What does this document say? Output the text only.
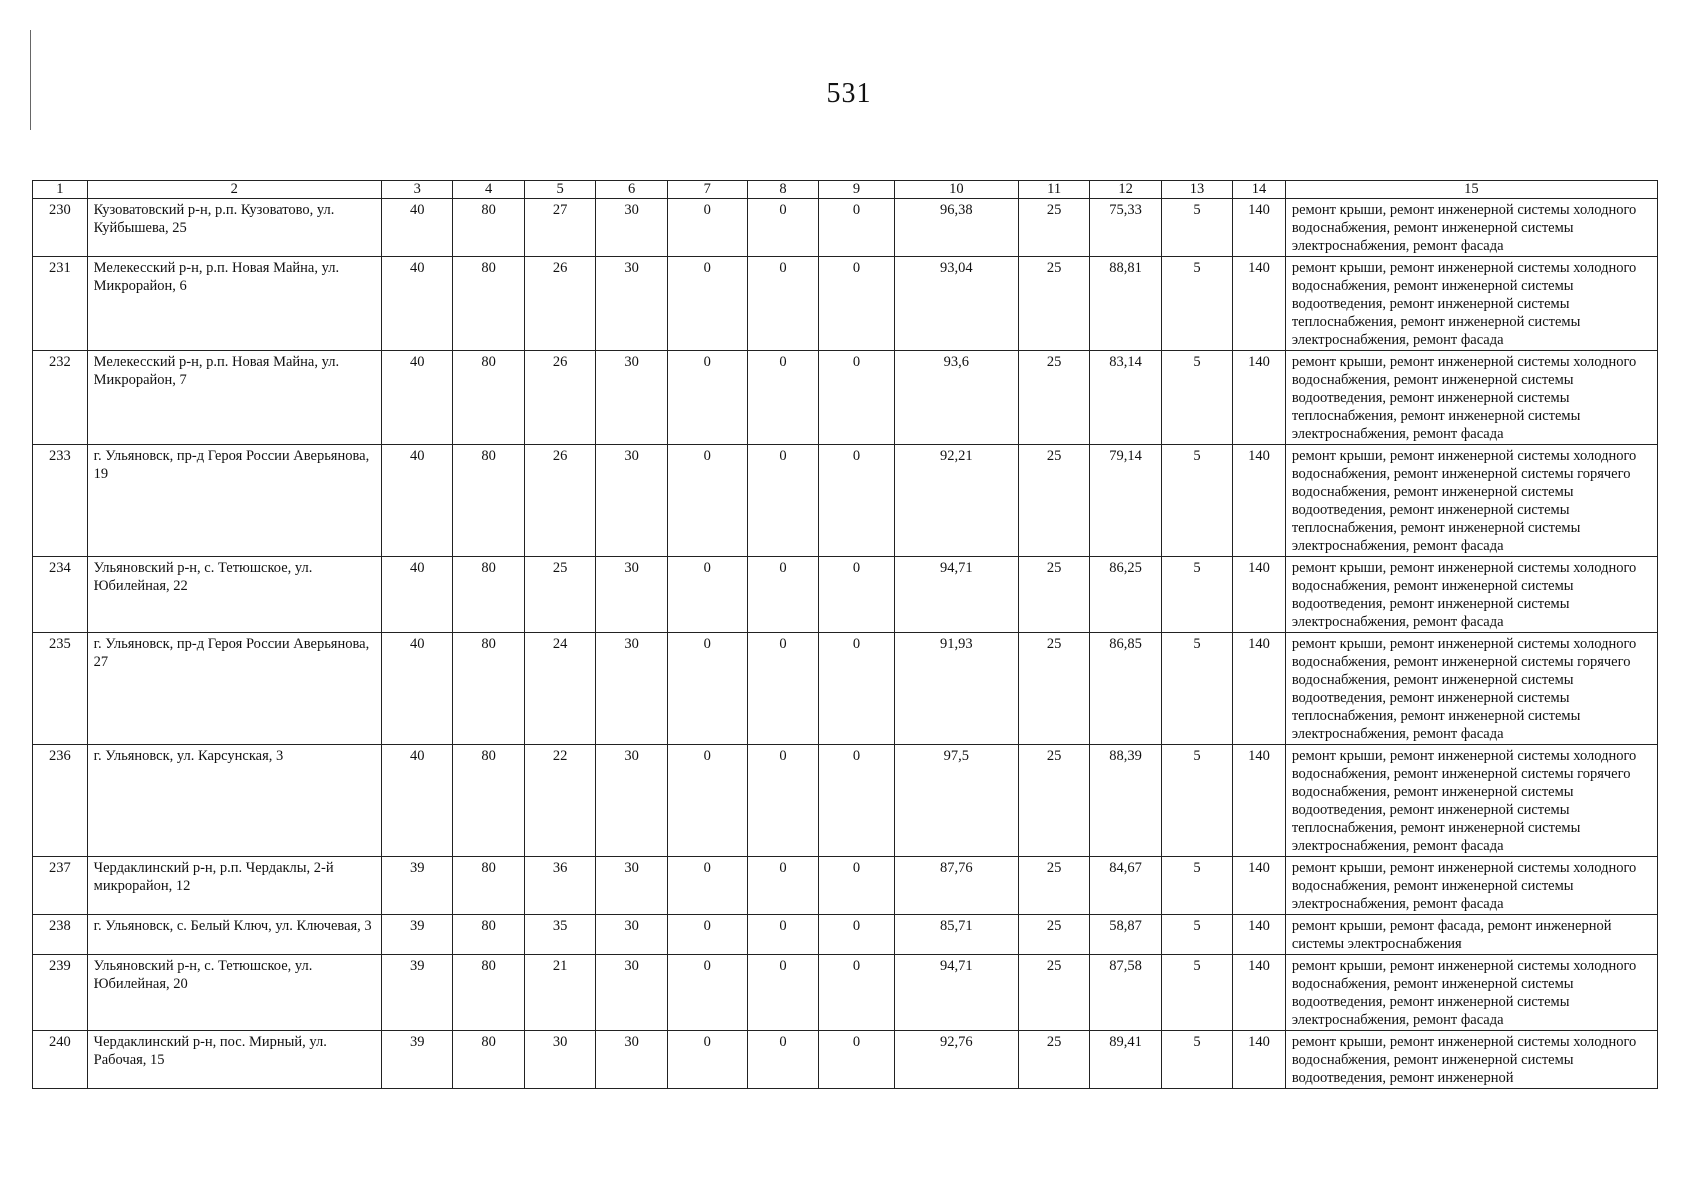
531
1	2	3	4	5	6	7	8	9	10	11	12	13	14	15
230	Кузоватовский р-н, р.п. Кузоватово, ул. Куйбышева, 25	40	80	27	30	0	0	0	96,38	25	75,33	5	140	ремонт крыши, ремонт инженерной системы холодного водоснабжения, ремонт инженерной системы электроснабжения, ремонт фасада
231	Мелекесский р-н, р.п. Новая Майна, ул. Микрорайон, 6	40	80	26	30	0	0	0	93,04	25	88,81	5	140	ремонт крыши, ремонт инженерной системы холодного водоснабжения, ремонт инженерной системы водоотведения, ремонт инженерной системы теплоснабжения, ремонт инженерной системы электроснабжения, ремонт фасада
232	Мелекесский р-н, р.п. Новая Майна, ул. Микрорайон, 7	40	80	26	30	0	0	0	93,6	25	83,14	5	140	ремонт крыши, ремонт инженерной системы холодного водоснабжения, ремонт инженерной системы водоотведения, ремонт инженерной системы теплоснабжения, ремонт инженерной системы электроснабжения, ремонт фасада
233	г. Ульяновск, пр-д Героя России Аверьянова, 19	40	80	26	30	0	0	0	92,21	25	79,14	5	140	ремонт крыши, ремонт инженерной системы холодного водоснабжения, ремонт инженерной системы горячего водоснабжения, ремонт инженерной системы водоотведения, ремонт инженерной системы теплоснабжения, ремонт инженерной системы электроснабжения, ремонт фасада
234	Ульяновский р-н, с. Тетюшское, ул. Юбилейная, 22	40	80	25	30	0	0	0	94,71	25	86,25	5	140	ремонт крыши, ремонт инженерной системы холодного водоснабжения, ремонт инженерной системы водоотведения, ремонт инженерной системы электроснабжения, ремонт фасада
235	г. Ульяновск, пр-д Героя России Аверьянова, 27	40	80	24	30	0	0	0	91,93	25	86,85	5	140	ремонт крыши, ремонт инженерной системы холодного водоснабжения, ремонт инженерной системы горячего водоснабжения, ремонт инженерной системы водоотведения, ремонт инженерной системы теплоснабжения, ремонт инженерной системы электроснабжения, ремонт фасада
236	г. Ульяновск, ул. Карсунская, 3	40	80	22	30	0	0	0	97,5	25	88,39	5	140	ремонт крыши, ремонт инженерной системы холодного водоснабжения, ремонт инженерной системы горячего водоснабжения, ремонт инженерной системы водоотведения, ремонт инженерной системы теплоснабжения, ремонт инженерной системы электроснабжения, ремонт фасада
237	Чердаклинский р-н, р.п. Чердаклы, 2-й микрорайон, 12	39	80	36	30	0	0	0	87,76	25	84,67	5	140	ремонт крыши, ремонт инженерной системы холодного водоснабжения, ремонт инженерной системы электроснабжения, ремонт фасада
238	г. Ульяновск, с. Белый Ключ, ул. Ключевая, 3	39	80	35	30	0	0	0	85,71	25	58,87	5	140	ремонт крыши, ремонт фасада, ремонт инженерной системы электроснабжения
239	Ульяновский р-н, с. Тетюшское, ул. Юбилейная, 20	39	80	21	30	0	0	0	94,71	25	87,58	5	140	ремонт крыши, ремонт инженерной системы холодного водоснабжения, ремонт инженерной системы водоотведения, ремонт инженерной системы электроснабжения, ремонт фасада
240	Чердаклинский р-н, пос. Мирный, ул. Рабочая, 15	39	80	30	30	0	0	0	92,76	25	89,41	5	140	ремонт крыши, ремонт инженерной системы холодного водоснабжения, ремонт инженерной системы водоотведения, ремонт инженерной
